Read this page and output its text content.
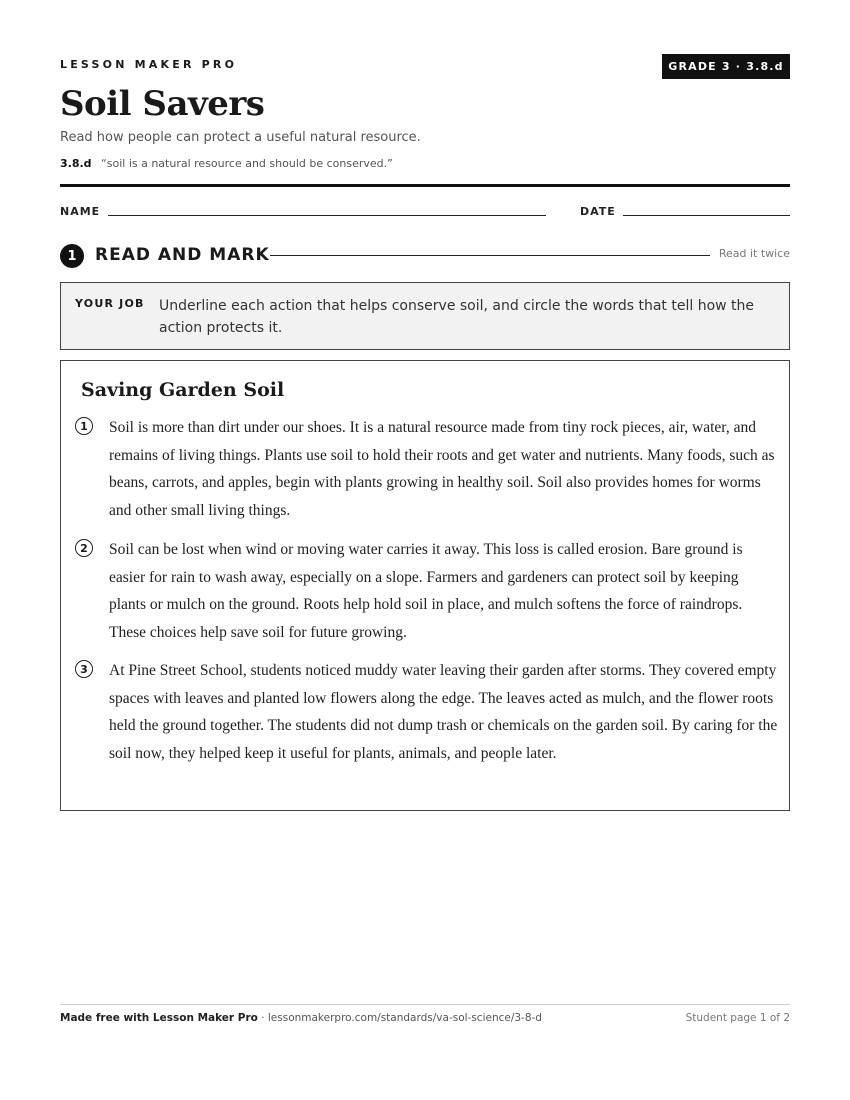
LESSON MAKER PRO	GRADE 3 · 3.8.d
Soil Savers
Read how people can protect a useful natural resource.
3.8.d “soil is a natural resource and should be conserved.”
NAME	DATE
1	READ AND MARK	Read it twice
YOUR JOB Underline each action that helps conserve soil, and circle the words that tell how the action protects it.
Saving Garden Soil
1	Soil is more than dirt under our shoes. It is a natural resource made from tiny rock pieces, air, water, and remains of living things. Plants use soil to hold their roots and get water and nutrients. Many foods, such as beans, carrots, and apples, begin with plants growing in healthy soil. Soil also provides homes for worms and other small living things.
2	Soil can be lost when wind or moving water carries it away. This loss is called erosion. Bare ground is easier for rain to wash away, especially on a slope. Farmers and gardeners can protect soil by keeping plants or mulch on the ground. Roots help hold soil in place, and mulch softens the force of raindrops. These choices help save soil for future growing.
3	At Pine Street School, students noticed muddy water leaving their garden after storms. They covered empty spaces with leaves and planted low flowers along the edge. The leaves acted as mulch, and the flower roots held the ground together. The students did not dump trash or chemicals on the garden soil. By caring for the soil now, they helped keep it useful for plants, animals, and people later.
Made free with Lesson Maker Pro · lessonmakerpro.com/standards/va-sol-science/3-8-d	Student page 1 of 2
